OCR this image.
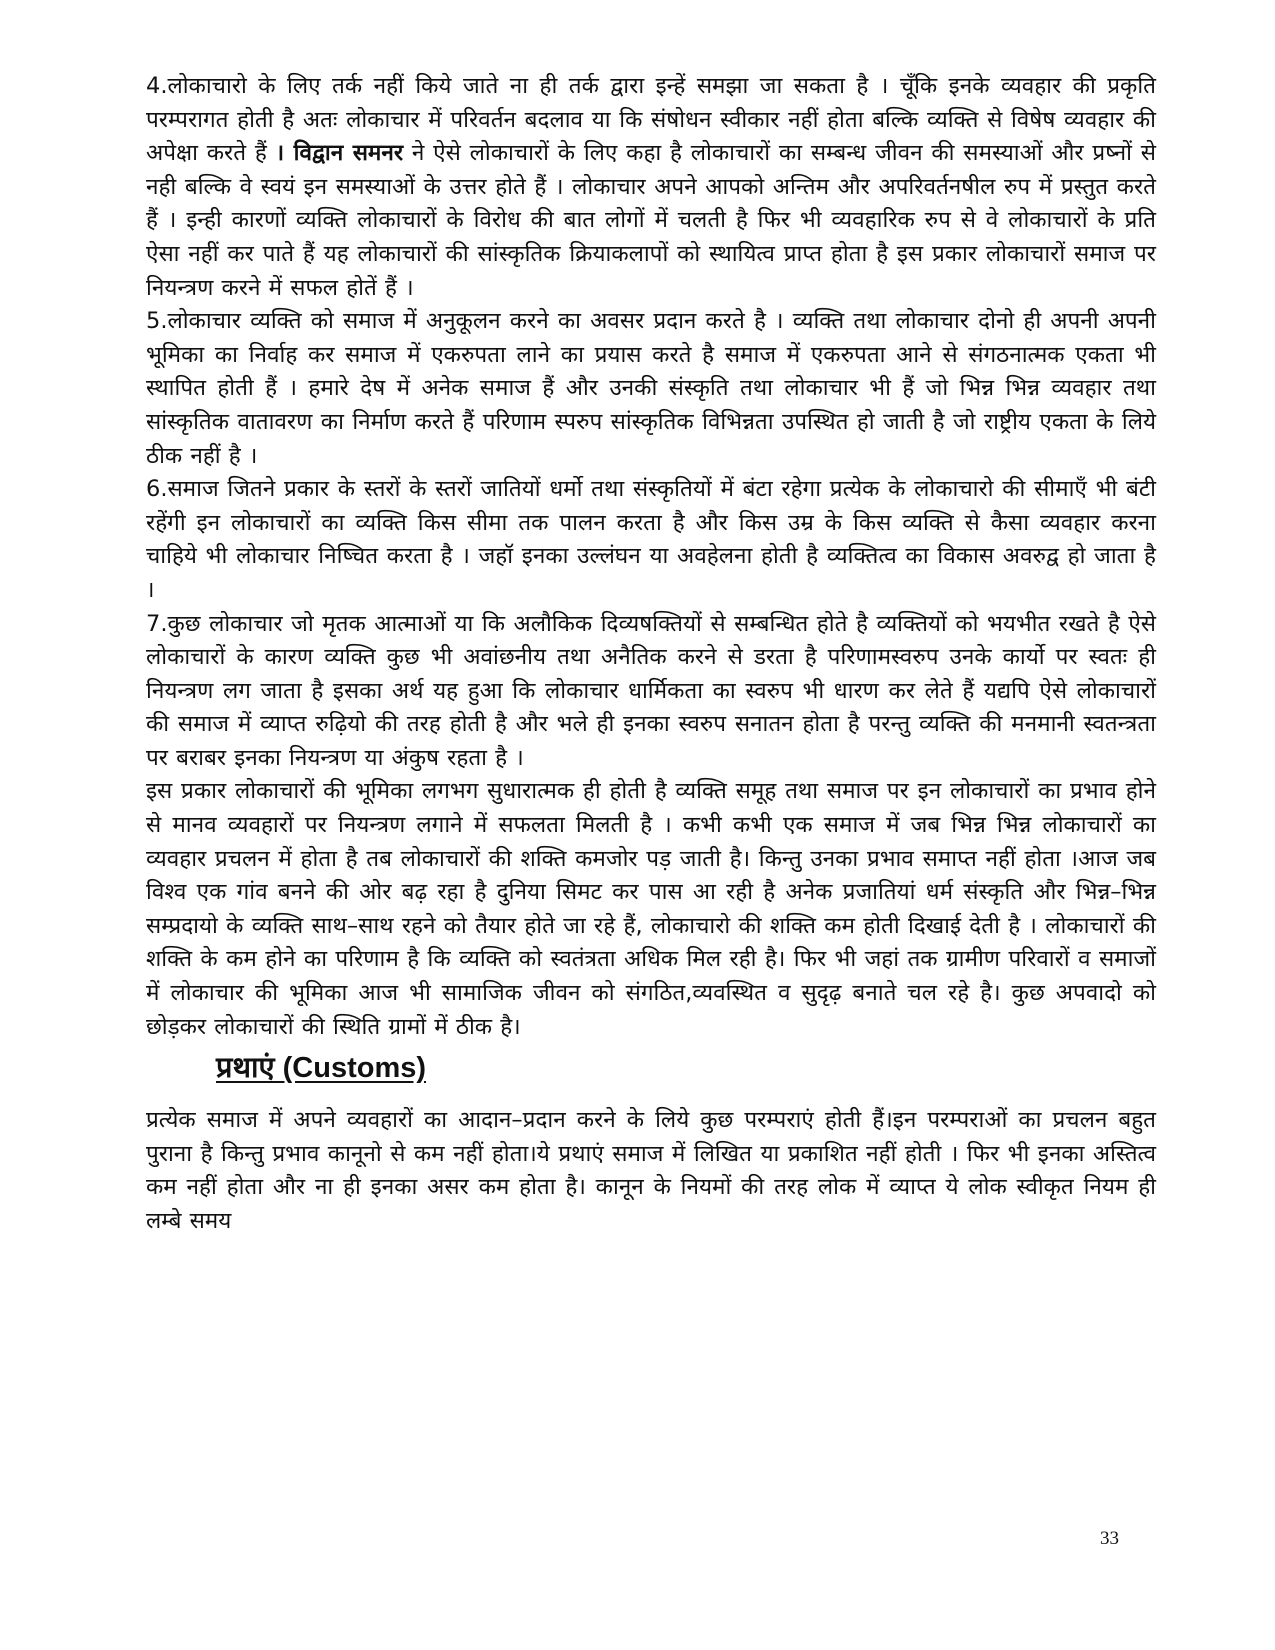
4.लोकाचारो के लिए तर्क नहीं किये जाते ना ही तर्क द्वारा इन्हें समझा जा सकता है । चूँकि इनके व्यवहार की प्रकृति परम्परागत होती है अतः लोकाचार में परिवर्तन बदलाव या कि संषोधन स्वीकार नहीं होता बल्कि व्यक्ति से विषेष व्यवहार की अपेक्षा करते हैं । विद्वान समनर ने ऐसे लोकाचारों के लिए कहा है लोकाचारों का सम्बन्ध जीवन की समस्याओं और प्रष्नों से नही बल्कि वे स्वयं इन समस्याओं के उत्तर होते हैं । लोकाचार अपने आपको अन्तिम और अपरिवर्तनषील रुप में प्रस्तुत करते हैं । इन्ही कारणों व्यक्ति लोकाचारों के विरोध की बात लोगों में चलती है फिर भी व्यवहारिक रुप से वे लोकाचारों के प्रति ऐसा नहीं कर पाते हैं यह लोकाचारों की सांस्कृतिक क्रियाकलापों को स्थायित्व प्राप्त होता है इस प्रकार लोकाचारों समाज पर नियन्त्रण करने में सफल होतें हैं ।

5.लोकाचार व्यक्ति को समाज में अनुकूलन करने का अवसर प्रदान करते है । व्यक्ति तथा लोकाचार दोनो ही अपनी अपनी भूमिका का निर्वाह कर समाज में एकरुपता लाने का प्रयास करते है समाज में एकरुपता आने से संगठनात्मक एकता भी स्थापित होती हैं । हमारे देष में अनेक समाज हैं और उनकी संस्कृति तथा लोकाचार भी हैं जो भिन्न भिन्न व्यवहार तथा सांस्कृतिक वातावरण का निर्माण करते हैं परिणाम स्परुप सांस्कृतिक विभिन्नता उपस्थित हो जाती है जो राष्ट्रीय एकता के लिये ठीक नहीं है ।

6.समाज जितने प्रकार के स्तरों के स्तरों जातियों धर्मो तथा संस्कृतियों में बंटा रहेगा प्रत्येक के लोकाचारो की सीमाएँ भी बंटी रहेंगी इन लोकाचारों का व्यक्ति किस सीमा तक पालन करता है और किस उम्र के किस व्यक्ति से कैसा व्यवहार करना चाहिये भी लोकाचार निष्चित करता है । जहॉ इनका उल्लंघन या अवहेलना होती है व्यक्तित्व का विकास अवरुद्व हो जाता है ।

7.कुछ लोकाचार जो मृतक आत्माओं या कि अलौकिक दिव्यषक्तियों से सम्बन्धित होते है व्यक्तियों को भयभीत रखते है ऐसे लोकाचारों के कारण व्यक्ति कुछ भी अवांछनीय तथा अनैतिक करने से डरता है परिणामस्वरुप उनके कार्यो पर स्वतः ही नियन्त्रण लग जाता है इसका अर्थ यह हुआ कि लोकाचार धार्मिकता का स्वरुप भी धारण कर लेते हैं यद्यपि ऐसे लोकाचारों की समाज में व्याप्त रुढ़ियो की तरह होती है और भले ही इनका स्वरुप सनातन होता है परन्तु व्यक्ति की मनमानी स्वतन्त्रता पर बराबर इनका नियन्त्रण या अंकुष रहता है ।

इस प्रकार लोकाचारों की भूमिका लगभग सुधारात्मक ही होती है व्यक्ति समूह तथा समाज पर इन लोकाचारों का प्रभाव होने से मानव व्यवहारों पर नियन्त्रण लगाने में सफलता मिलती है । कभी कभी एक समाज में जब भिन्न भिन्न लोकाचारों का व्यवहार प्रचलन में होता है तब लोकाचारों की शक्ति कमजोर पड़ जाती है। किन्तु उनका प्रभाव समाप्त नहीं होता ।आज जब विश्व एक गांव बनने की ओर बढ़ रहा है दुनिया सिमट कर पास आ रही है अनेक प्रजातियां धर्म संस्कृति और भिन्न–भिन्न सम्प्रदायो के व्यक्ति साथ–साथ रहने को तैयार होते जा रहे हैं, लोकाचारो की शक्ति कम होती दिखाई देती है । लोकाचारों की शक्ति के कम होने का परिणाम है कि व्यक्ति को स्वतंत्रता अधिक मिल रही है। फिर भी जहां तक ग्रामीण परिवारों व समाजों में लोकाचार की भूमिका आज भी सामाजिक जीवन को संगठित,व्यवस्थित व सुदृढ़ बनाते चल रहे है। कुछ अपवादो को छोड़कर लोकाचारों की स्थिति ग्रामों में ठीक है।

प्रथाएं (Customs)

प्रत्येक समाज में अपने व्यवहारों का आदान–प्रदान करने के लिये कुछ परम्पराएं होती हैं।इन परम्पराओं का प्रचलन बहुत पुराना है किन्तु प्रभाव कानूनो से कम नहीं होता।ये प्रथाएं समाज में लिखित या प्रकाशित नहीं होती । फिर भी इनका अस्तित्व कम नहीं होता और ना ही इनका असर कम होता है। कानून के नियमों की तरह लोक में व्याप्त ये लोक स्वीकृत नियम ही लम्बे समय

33
